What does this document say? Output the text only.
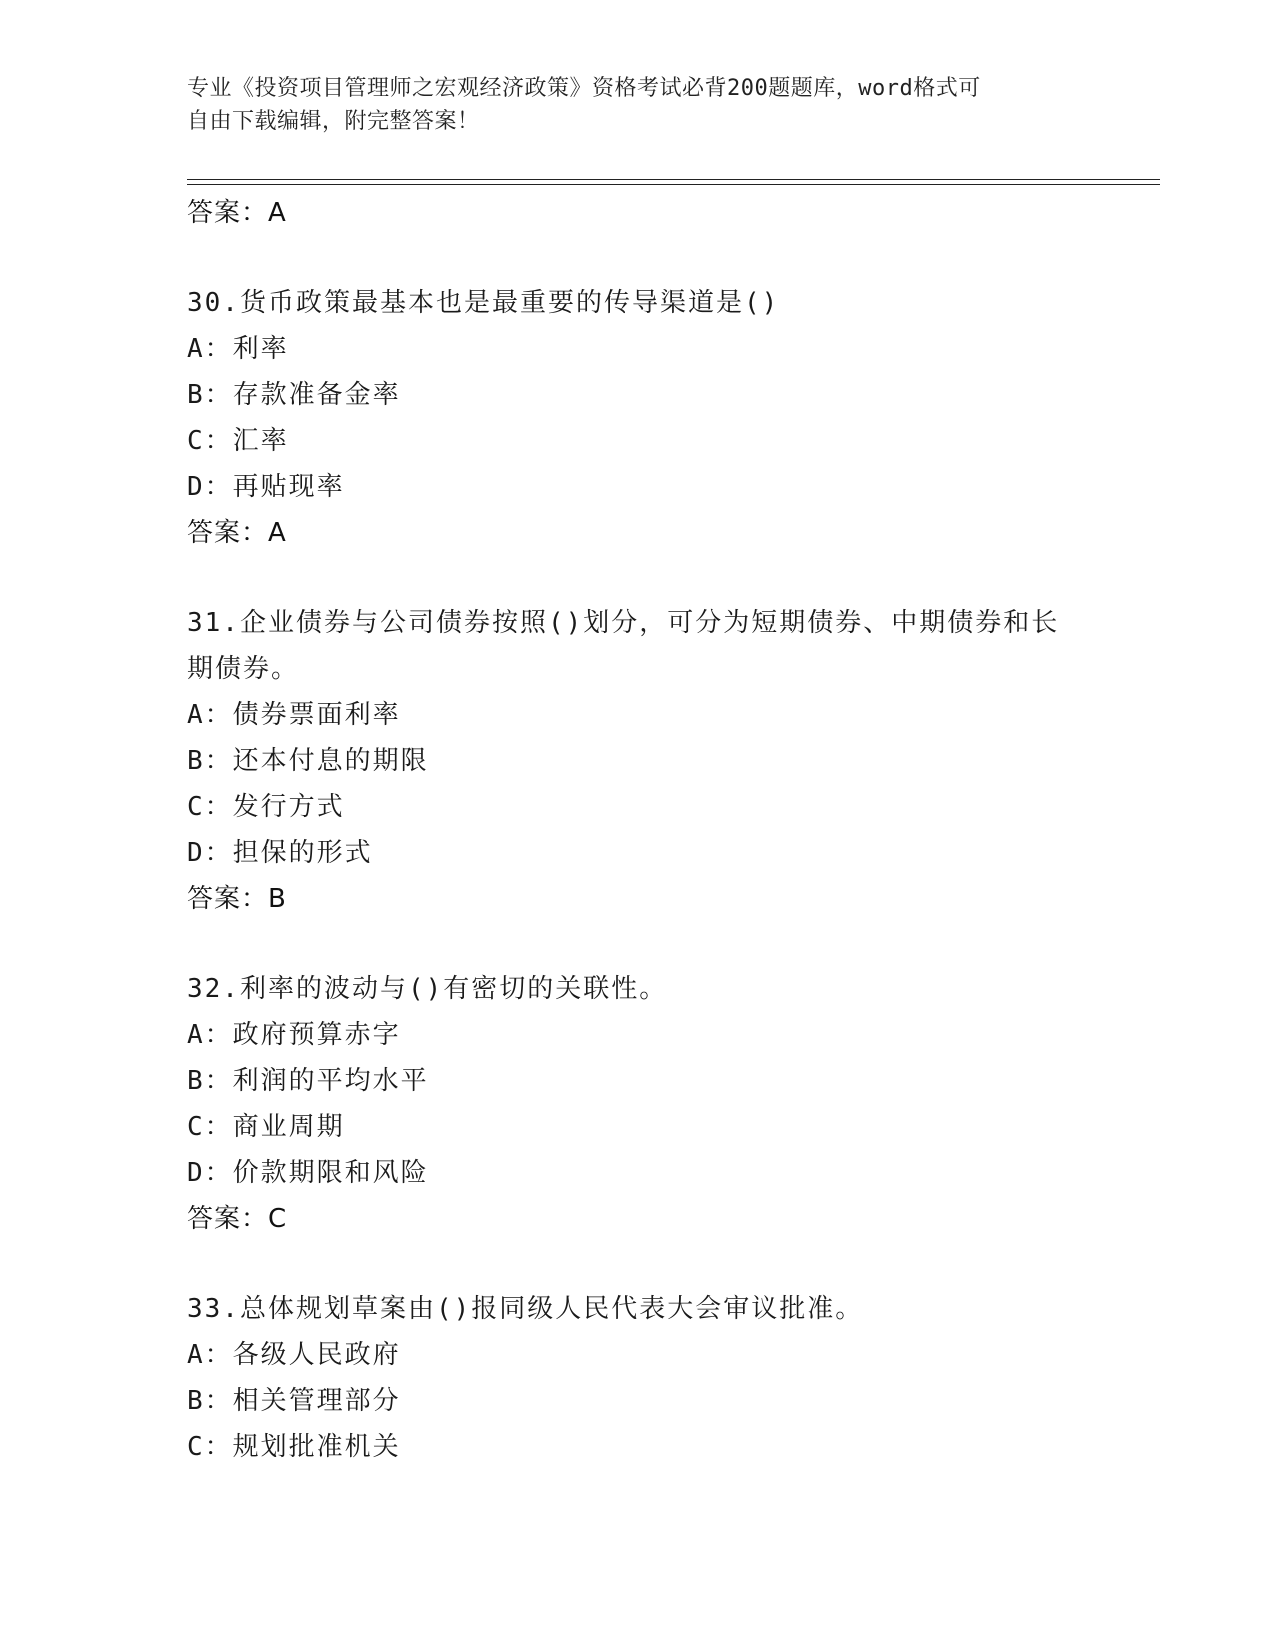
专业《投资项目管理师之宏观经济政策》资格考试必背200题题库，word格式可
自由下载编辑，附完整答案！
答案：A
30.货币政策最基本也是最重要的传导渠道是()
A：利率
B：存款准备金率
C：汇率
D：再贴现率
答案：A
31.企业债券与公司债券按照()划分，可分为短期债券、中期债券和长
期债券。
A：债券票面利率
B：还本付息的期限
C：发行方式
D：担保的形式
答案：B
32.利率的波动与()有密切的关联性。
A：政府预算赤字
B：利润的平均水平
C：商业周期
D：价款期限和风险
答案：C
33.总体规划草案由()报同级人民代表大会审议批准。
A：各级人民政府
B：相关管理部分
C：规划批准机关
